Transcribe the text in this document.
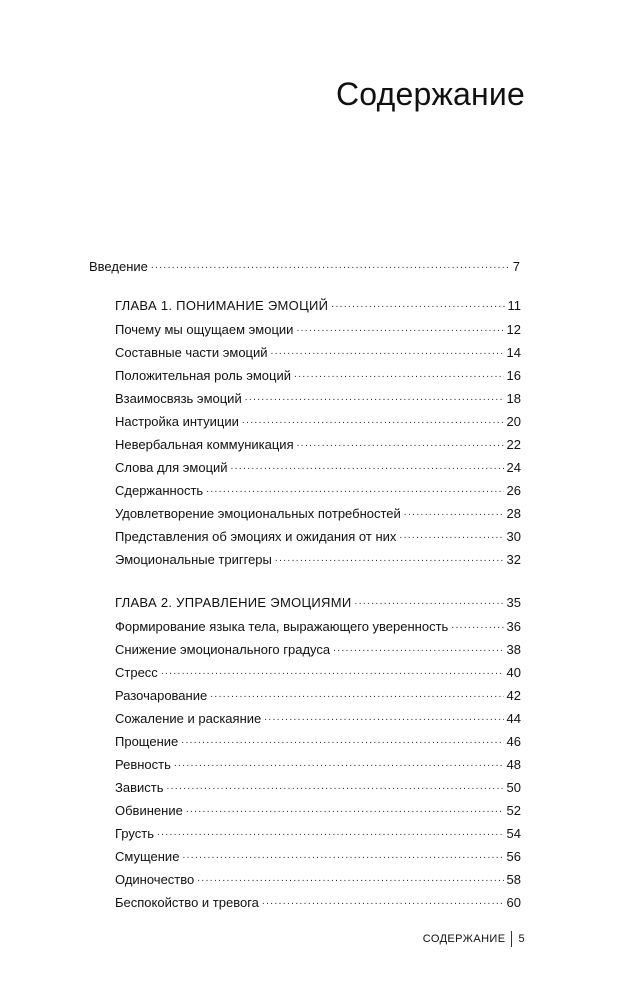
Содержание
Введение .....	7
ГЛАВА 1. ПОНИМАНИЕ ЭМОЦИЙ .....	11
Почему мы ощущаем эмоции .....	12
Составные части эмоций .....	14
Положительная роль эмоций .....	16
Взаимосвязь эмоций .....	18
Настройка интуиции .....	20
Невербальная коммуникация .....	22
Слова для эмоций .....	24
Сдержанность .....	26
Удовлетворение эмоциональных потребностей .....	28
Представления об эмоциях и ожидания от них .....	30
Эмоциональные триггеры .....	32
ГЛАВА 2. УПРАВЛЕНИЕ ЭМОЦИЯМИ .....	35
Формирование языка тела, выражающего уверенность .....	36
Снижение эмоционального градуса .....	38
Стресс .....	40
Разочарование .....	42
Сожаление и раскаяние .....	44
Прощение .....	46
Ревность .....	48
Зависть .....	50
Обвинение .....	52
Грусть .....	54
Смущение .....	56
Одиночество .....	58
Беспокойство и тревога .....	60
СОДЕРЖАНИЕ 5
